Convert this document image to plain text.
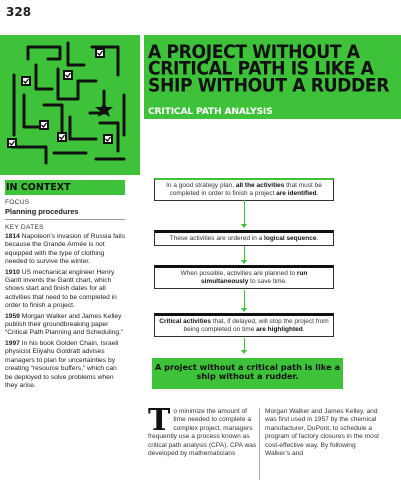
328
A PROJECT WITHOUT A
CRITICAL PATH IS LIKE A
SHIP WITHOUT A RUDDER
CRITICAL PATH ANALYSIS
IN CONTEXT
FOCUS
Planning procedures
KEY DATES
1814 Napoleon’s invasion of Russia fails because the Grande Armée is not equipped with the type of clothing needed to survive the winter.
1910 US mechanical engineer Henry Gantt invents the Gantt chart, which shows start and finish dates for all activities that need to be completed in order to finish a project.
1959 Morgan Walker and James Kelley publish their groundbreaking paper “Critical Path Planning and Scheduling.”
1997 In his book Golden Chain, Israeli physicist Eliyahu Goldratt advises managers to plan for uncertainties by creating “resource buffers,” which can be deployed to solve problems when they arise.
In a good strategy plan, all the activities that must be completed in order to finish a project are identified.
These activities are ordered in a logical sequence.
When possible, activities are planned to run simultaneously to save time.
Critical activities that, if delayed, will stop the project from being completed on time are highlighted.
A project without a critical path is like a ship without a rudder.
To minimize the amount of time needed to complete a complex project, managers frequently use a process known as critical path analysis (CPA). CPA was developed by mathematicians
Morgan Walker and James Kelley, and was first used in 1957 by the chemical manufacturer, DuPont, to schedule a program of factory closures in the most cost-effective way. By following Walker’s and
